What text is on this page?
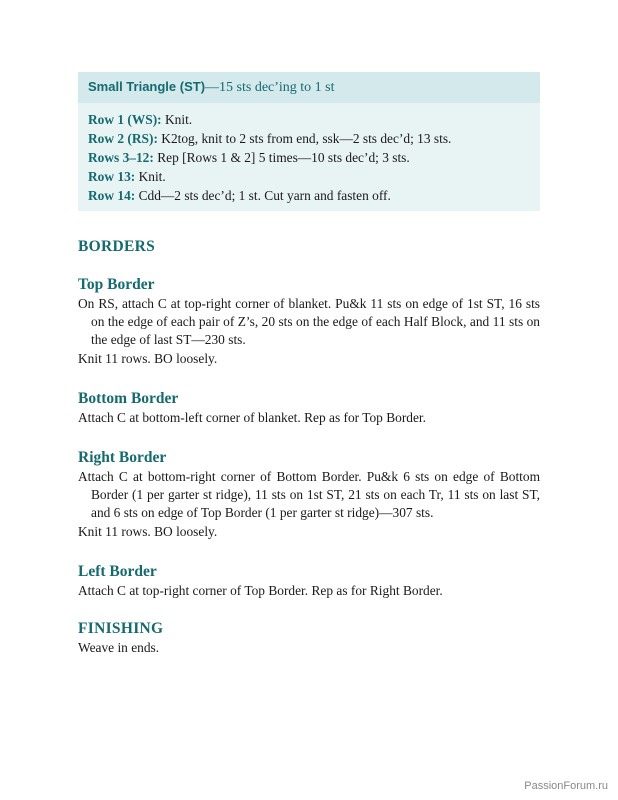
Small Triangle (ST)—15 sts dec’ing to 1 st
Row 1 (WS): Knit.
Row 2 (RS): K2tog, knit to 2 sts from end, ssk—2 sts dec’d; 13 sts.
Rows 3–12: Rep [Rows 1 & 2] 5 times—10 sts dec’d; 3 sts.
Row 13: Knit.
Row 14: Cdd—2 sts dec’d; 1 st. Cut yarn and fasten off.
BORDERS
Top Border

On RS, attach C at top-right corner of blanket. Pu&k 11 sts on edge of 1st ST, 16 sts on the edge of each pair of Z’s, 20 sts on the edge of each Half Block, and 11 sts on the edge of last ST—230 sts.

Knit 11 rows. BO loosely.

Bottom Border

Attach C at bottom-left corner of blanket. Rep as for Top Border.

Right Border

Attach C at bottom-right corner of Bottom Border. Pu&k 6 sts on edge of Bottom Border (1 per garter st ridge), 11 sts on 1st ST, 21 sts on each Tr, 11 sts on last ST, and 6 sts on edge of Top Border (1 per garter st ridge)—307 sts.

Knit 11 rows. BO loosely.

Left Border

Attach C at top-right corner of Top Border. Rep as for Right Border.

FINISHING

Weave in ends.

PassionForum.ru
